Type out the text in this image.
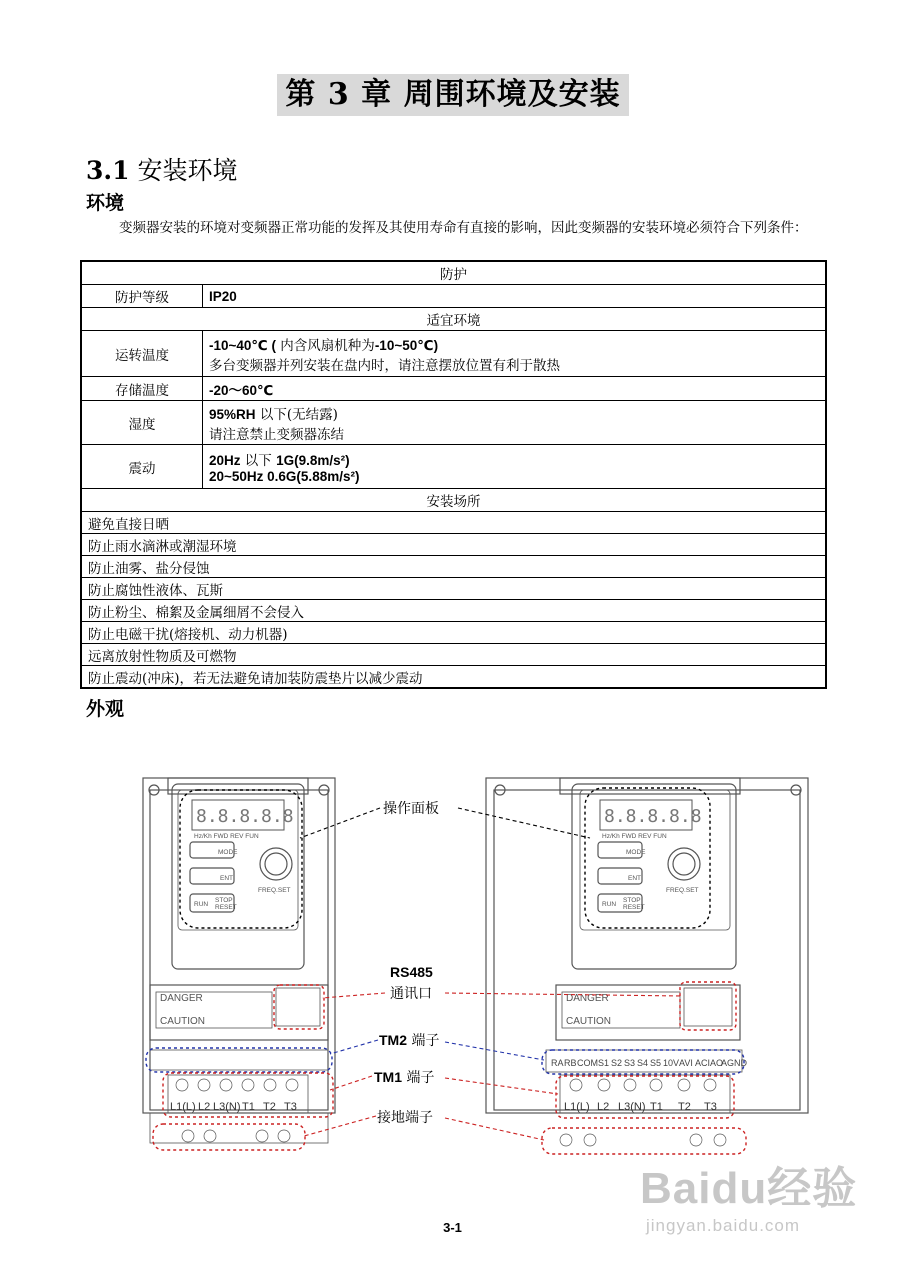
第 3 章 周围环境及安装
3.1 安装环境
环境
变频器安装的环境对变频器正常功能的发挥及其使用寿命有直接的影响，因此变频器的安装环境必须符合下列条件：
防护	
防护等级	IP20
适宜环境	
运转温度	-10~40℃ ( 内含风扇机种为-10~50℃)
多台变频器并列安装在盘内时，请注意摆放位置有利于散热

存储温度	-20～60℃
湿度	95%RH 以下(无结露)
请注意禁止变频器冻结

震动	20Hz 以下 1G(9.8m/s²)
20~50Hz 0.6G(5.88m/s²)

安装场所	
避免直接日晒	
防止雨水滴淋或潮湿环境	
防止油雾、盐分侵蚀	
防止腐蚀性液体、瓦斯	
防止粉尘、棉絮及金属细屑不会侵入	
防止电磁干扰(熔接机、动力机器)	
远离放射性物质及可燃物	
防止震动(冲床)，若无法避免请加装防震垫片以减少震动	
外观
8.8.8.8.8	8.8.8.8.8
Hz/Kh FWD REV FUN	Hz/Kh FWD REV FUN
MODE	MODE
ENT	ENT
RUN	RUN
STOP	STOP
RESET	RESET
FREQ.SET	FREQ.SET
DANGER	DANGER
CAUTION	CAUTION
RA RB COM S1 S2 S3 S4 S5 10V AVI ACI AO
AGND
L1(L) L2 L3(N) T1 T2 T3	L1(L) L2 L3(N) T1 T2 T3
操作面板
RS485
通讯口
TM2 端子
TM1 端子
接地端子
3-1
Baidu经验
jingyan.baidu.com
